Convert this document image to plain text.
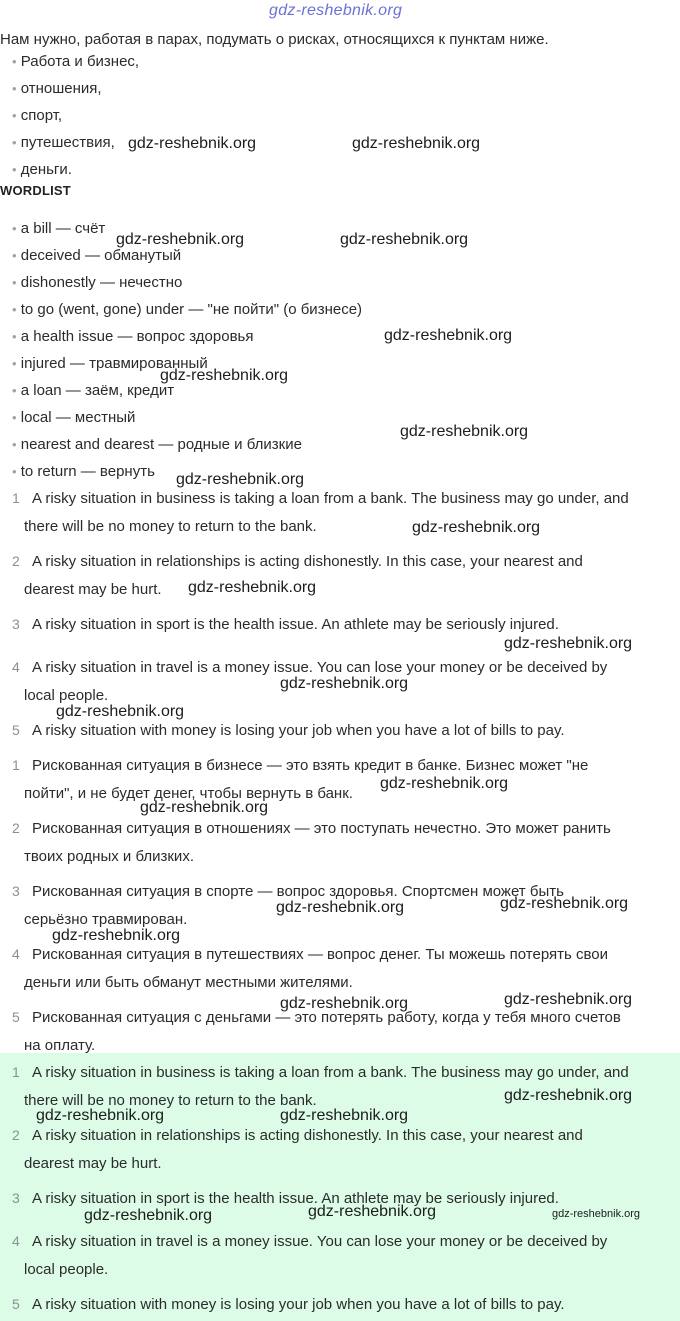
gdz-reshebnik.org
Нам нужно, работая в парах, подумать о рисках, относящихся к пунктам ниже.
• Работа и бизнес,
• отношения,
• спорт,
• путешествия,
• деньги.
WORDLIST
• a bill — счёт
• deceived — обманутый
• dishonestly — нечестно
• to go (went, gone) under — "не пойти" (о бизнесе)
• a health issue — вопрос здоровья
• injured — травмированный
• a loan — заём, кредит
• local — местный
• nearest and dearest — родные и близкие
• to return — вернуть
1 A risky situation in business is taking a loan from a bank. The business may go under, and
there will be no money to return to the bank.
2 A risky situation in relationships is acting dishonestly. In this case, your nearest and
dearest may be hurt.
3 A risky situation in sport is the health issue. An athlete may be seriously injured.
4 A risky situation in travel is a money issue. You can lose your money or be deceived by
local people.
5 A risky situation with money is losing your job when you have a lot of bills to pay.
1 Рискованная ситуация в бизнесе — это взять кредит в банке. Бизнес может "не
пойти", и не будет денег, чтобы вернуть в банк.
2 Рискованная ситуация в отношениях — это поступать нечестно. Это может ранить
твоих родных и близких.
3 Рискованная ситуация в спорте — вопрос здоровья. Спортсмен может быть
серьёзно травмирован.
4 Рискованная ситуация в путешествиях — вопрос денег. Ты можешь потерять свои
деньги или быть обманут местными жителями.
5 Рискованная ситуация с деньгами — это потерять работу, когда у тебя много счетов
на оплату.
1 A risky situation in business is taking a loan from a bank. The business may go under, and
there will be no money to return to the bank.
2 A risky situation in relationships is acting dishonestly. In this case, your nearest and
dearest may be hurt.
3 A risky situation in sport is the health issue. An athlete may be seriously injured.
4 A risky situation in travel is a money issue. You can lose your money or be deceived by
local people.
5 A risky situation with money is losing your job when you have a lot of bills to pay.
gdz-reshebnik.org	gdz-reshebnik.org
gdz-reshebnik.org	gdz-reshebnik.org
gdz-reshebnik.org
gdz-reshebnik.org
gdz-reshebnik.org
gdz-reshebnik.org
gdz-reshebnik.org
gdz-reshebnik.org
gdz-reshebnik.org
gdz-reshebnik.org
gdz-reshebnik.org
gdz-reshebnik.org
gdz-reshebnik.org
gdz-reshebnik.org
gdz-reshebnik.org
gdz-reshebnik.org
gdz-reshebnik.org
gdz-reshebnik.org
gdz-reshebnik.org
gdz-reshebnik.org	gdz-reshebnik.org
gdz-reshebnik.org
gdz-reshebnik.org	gdz-reshebnik.org
